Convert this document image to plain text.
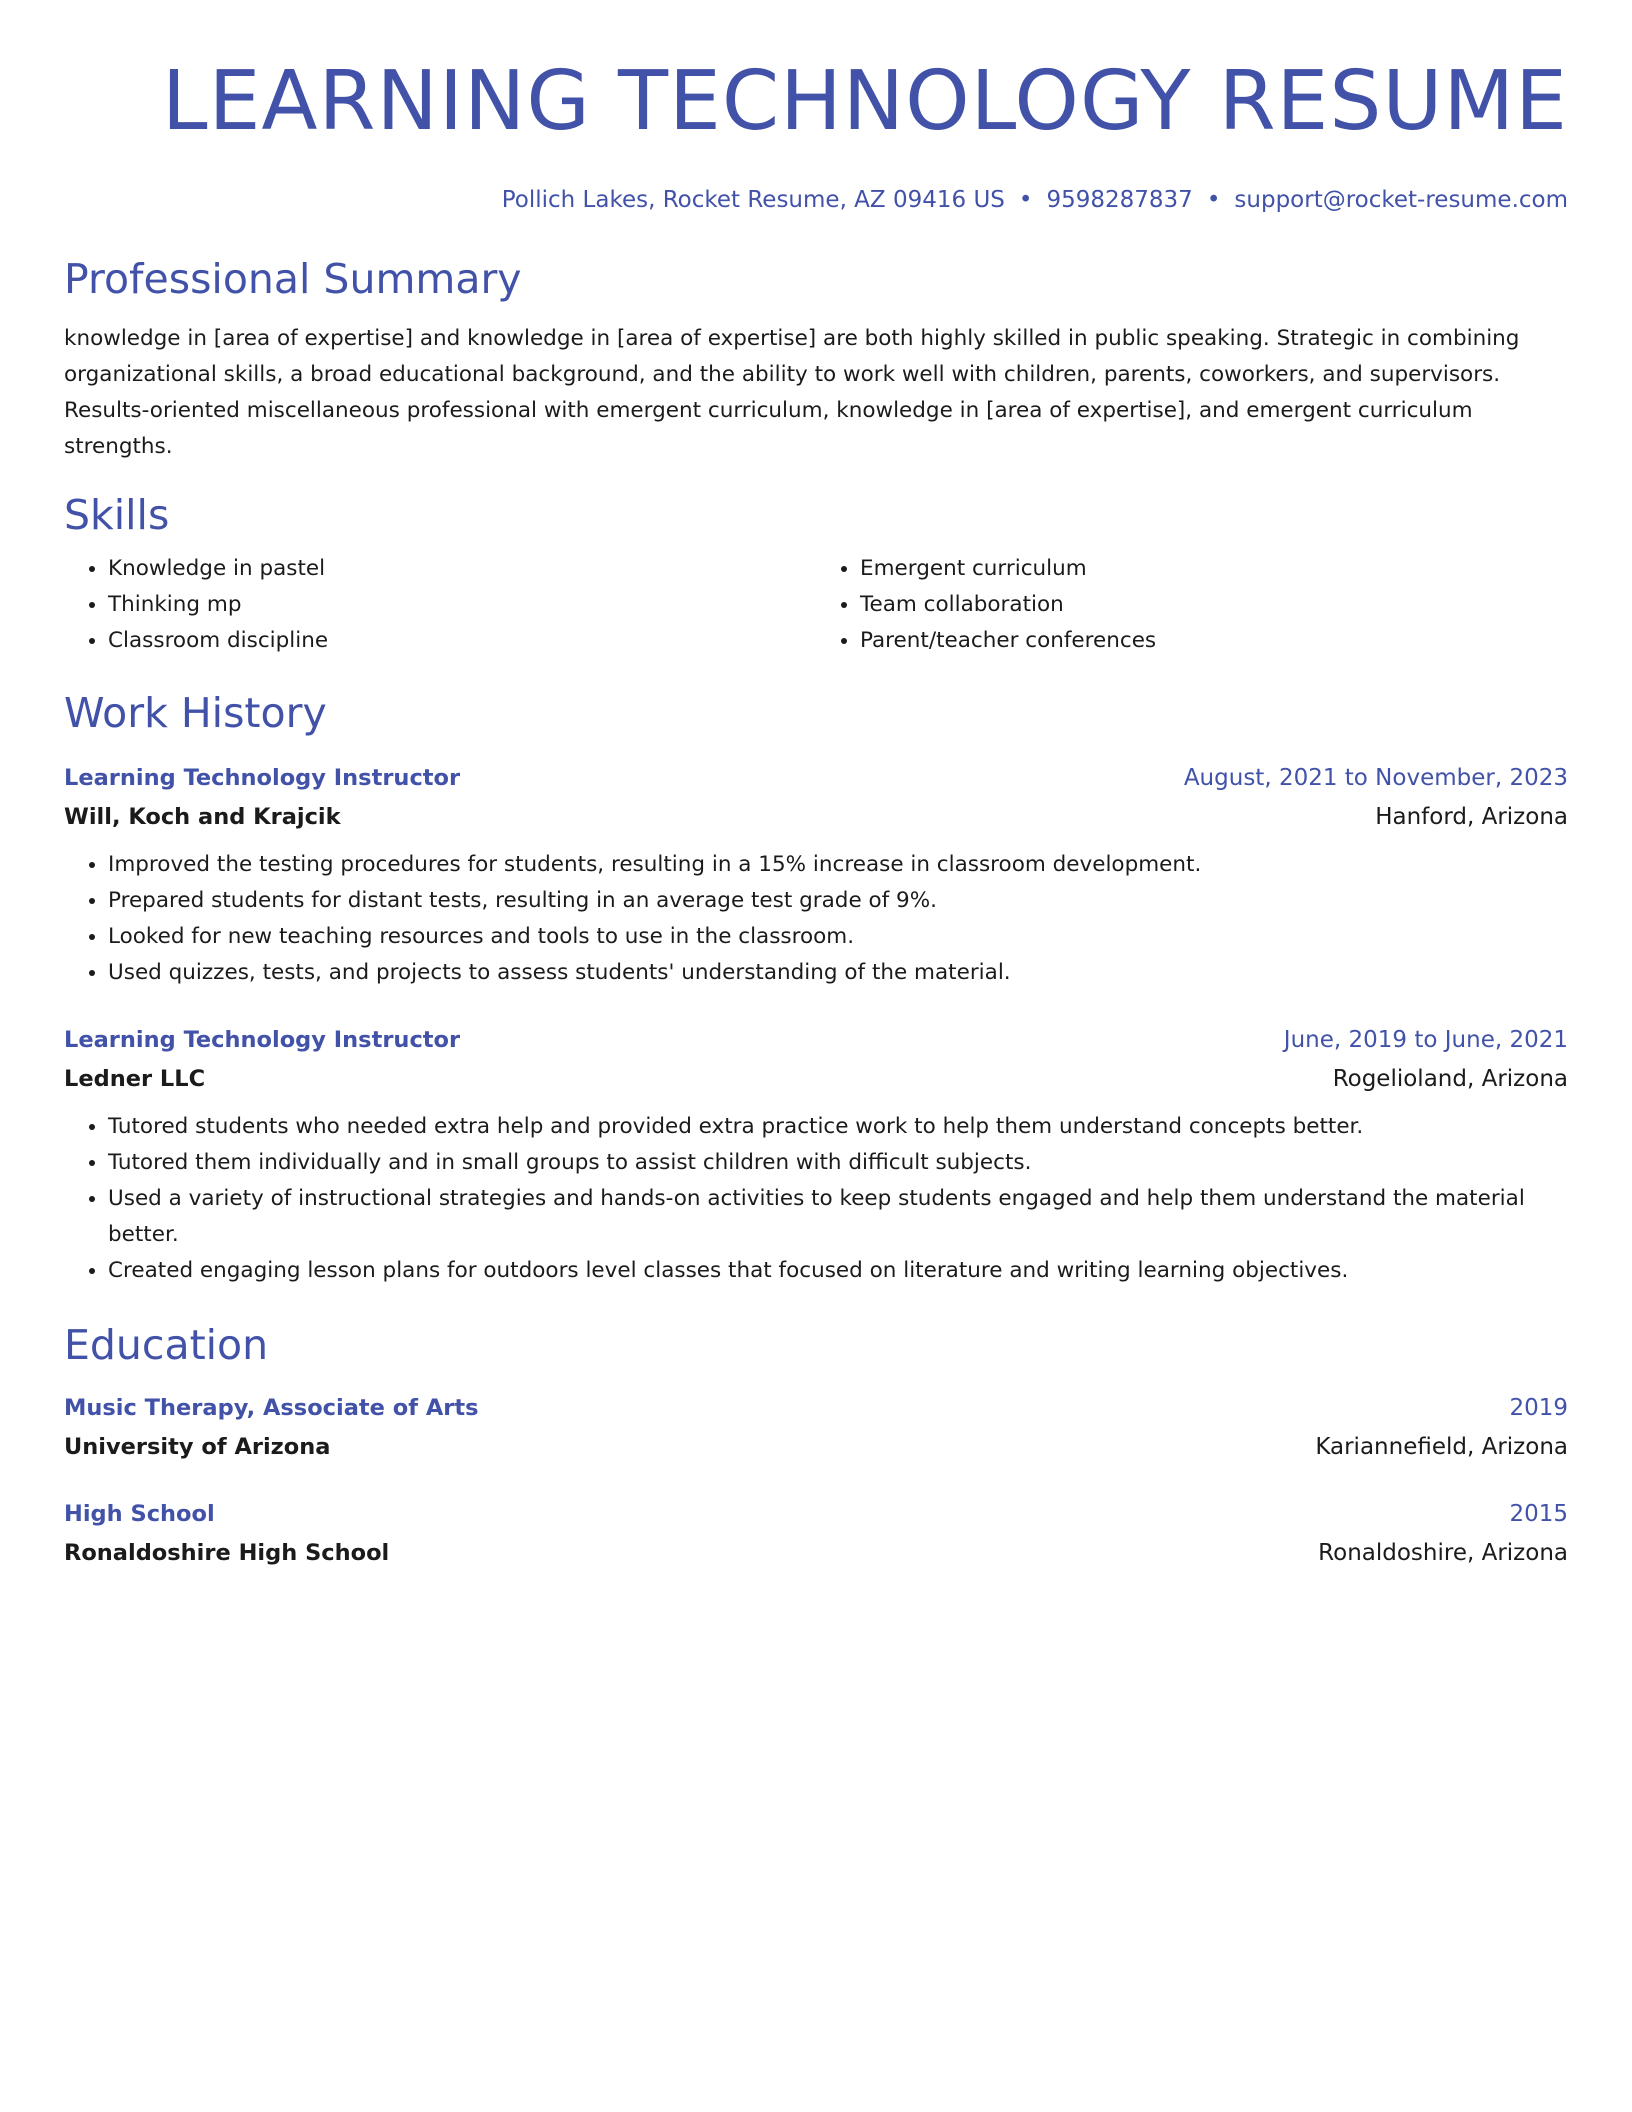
LEARNING TECHNOLOGY RESUME
Pollich Lakes, Rocket Resume, AZ 09416 US • 9598287837 • support@rocket-resume.com
Professional Summary
knowledge in [area of expertise] and knowledge in [area of expertise] are both highly skilled in public speaking. Strategic in combining organizational skills, a broad educational background, and the ability to work well with children, parents, coworkers, and supervisors. Results-oriented miscellaneous professional with emergent curriculum, knowledge in [area of expertise], and emergent curriculum strengths.
Skills
• Knowledge in pastel
• Thinking mp
• Classroom discipline
• Emergent curriculum
• Team collaboration
• Parent/teacher conferences
Work History
Learning Technology Instructor	August, 2021 to November, 2023
Will, Koch and Krajcik	Hanford, Arizona
• Improved the testing procedures for students, resulting in a 15% increase in classroom development.
• Prepared students for distant tests, resulting in an average test grade of 9%.
• Looked for new teaching resources and tools to use in the classroom.
• Used quizzes, tests, and projects to assess students' understanding of the material.
Learning Technology Instructor	June, 2019 to June, 2021
Ledner LLC	Rogelioland, Arizona
• Tutored students who needed extra help and provided extra practice work to help them understand concepts better.
• Tutored them individually and in small groups to assist children with difficult subjects.
• Used a variety of instructional strategies and hands-on activities to keep students engaged and help them understand the material better.
• Created engaging lesson plans for outdoors level classes that focused on literature and writing learning objectives.
Education
Music Therapy, Associate of Arts	2019
University of Arizona	Kariannefield, Arizona
High School	2015
Ronaldoshire High School	Ronaldoshire, Arizona
